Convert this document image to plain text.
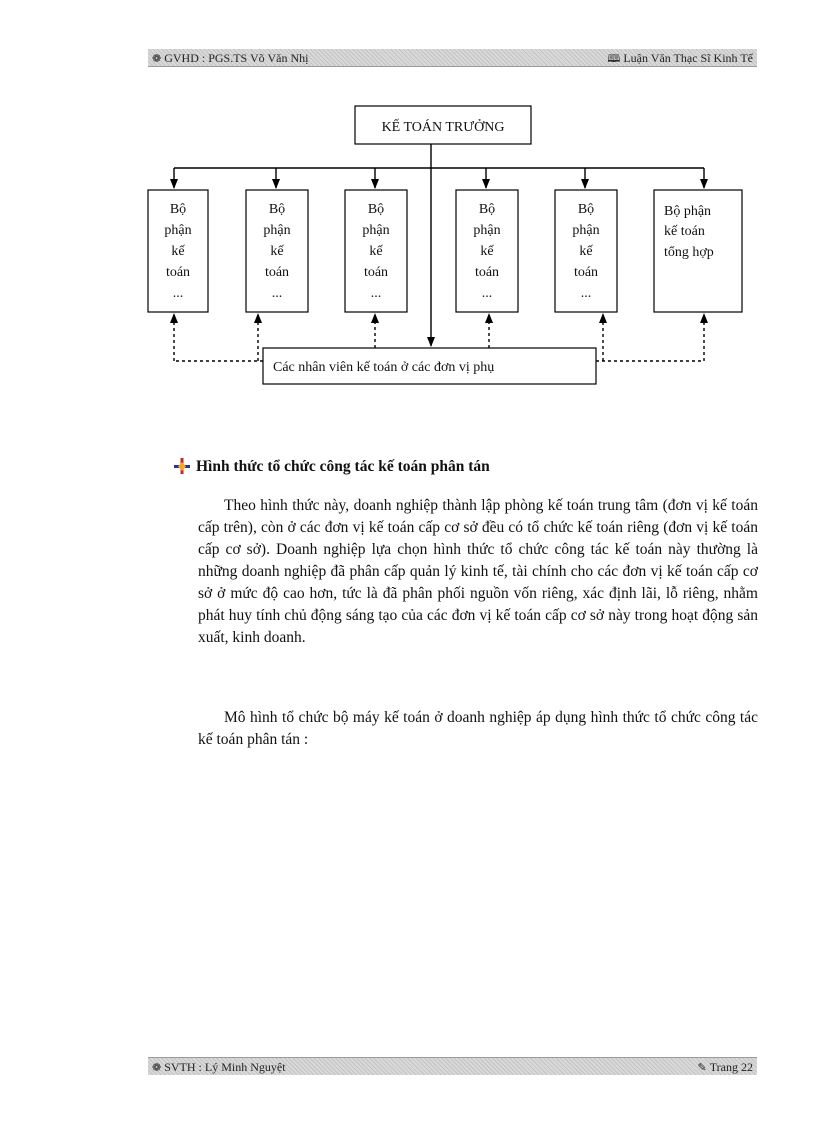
❁ GVHD : PGS.TS Võ Văn Nhị	🕮 Luận Văn Thạc Sĩ Kinh Tế
KẾ TOÁN TRƯỞNG
Bộ
phận
kế
toán
...
Bộ
phận
kế
toán
...
Bộ
phận
kế
toán
...
Bộ
phận
kế
toán
...
Bộ
phận
kế
toán
...
Bộ phận
kế toán
tổng hợp
Các nhân viên kế toán ở các đơn vị phụ
Hình thức tổ chức công tác kế toán phân tán

Theo hình thức này, doanh nghiệp thành lập phòng kế toán trung tâm (đơn vị kế toán cấp trên), còn ở các đơn vị kế toán cấp cơ sở đều có tổ chức kế toán riêng (đơn vị kế toán cấp cơ sở). Doanh nghiệp lựa chọn hình thức tổ chức công tác kế toán này thường là những doanh nghiệp đã phân cấp quản lý kinh tế, tài chính cho các đơn vị kế toán cấp cơ sở ở mức độ cao hơn, tức là đã phân phối nguồn vốn riêng, xác định lãi, lỗ riêng, nhằm phát huy tính chủ động sáng tạo của các đơn vị kế toán cấp cơ sở này trong hoạt động sản xuất, kinh doanh.

Mô hình tổ chức bộ máy kế toán ở doanh nghiệp áp dụng hình thức tổ chức công tác kế toán phân tán :

❁ SVTH : Lý Minh Nguyệt	✎ Trang 22
